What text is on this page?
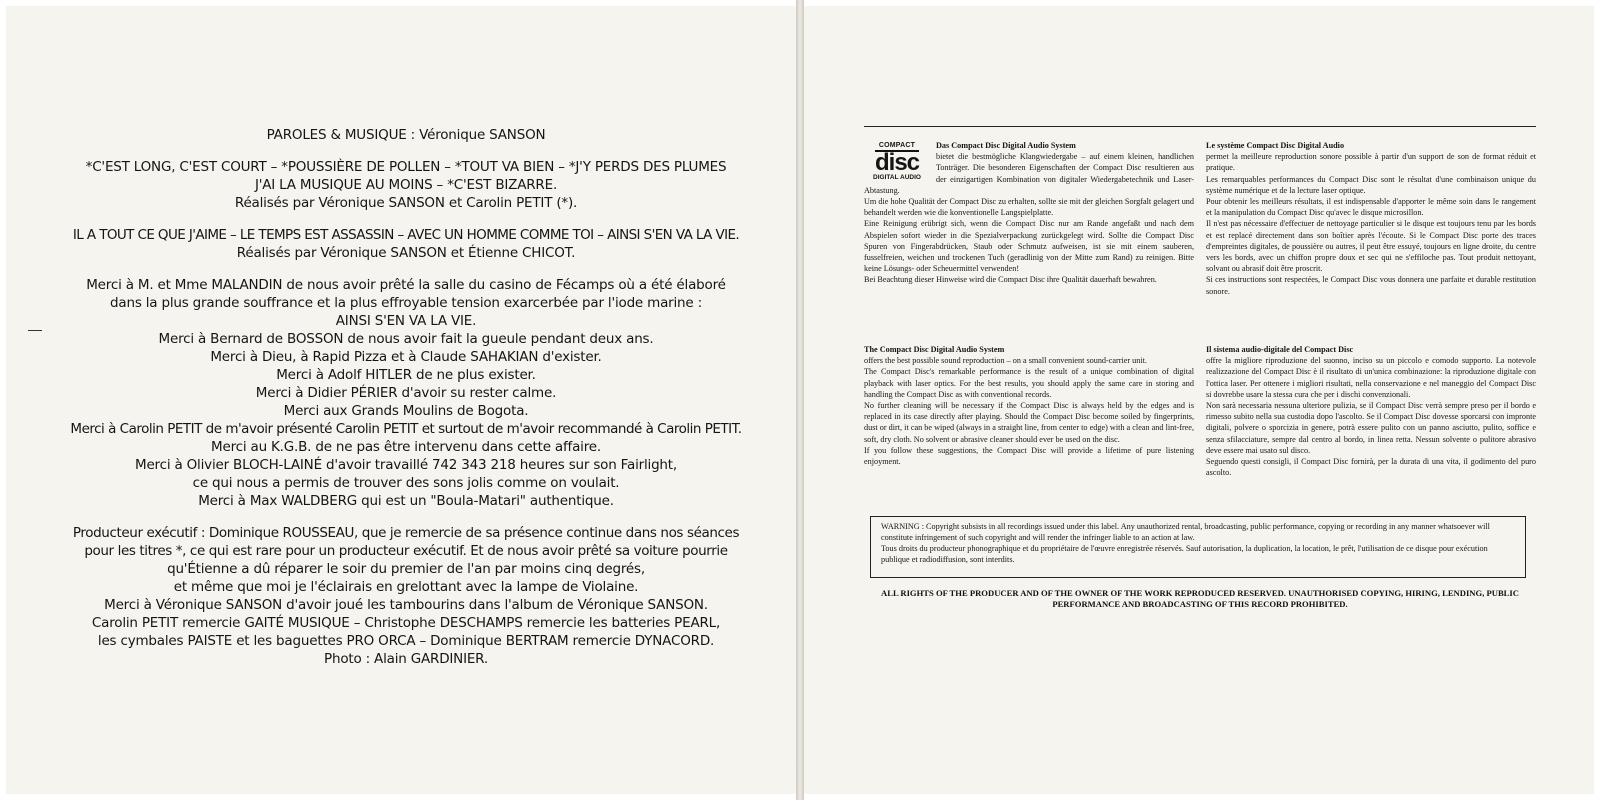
PAROLES & MUSIQUE : Véronique SANSON

*C'EST LONG, C'EST COURT – *POUSSIÈRE DE POLLEN – *TOUT VA BIEN – *J'Y PERDS DES PLUMES

J'AI LA MUSIQUE AU MOINS – *C'EST BIZARRE.

Réalisés par Véronique SANSON et Carolin PETIT (*).

IL A TOUT CE QUE J'AIME – LE TEMPS EST ASSASSIN – AVEC UN HOMME COMME TOI – AINSI S'EN VA LA VIE.

Réalisés par Véronique SANSON et Étienne CHICOT.

Merci à M. et Mme MALANDIN de nous avoir prêté la salle du casino de Fécamps où a été élaboré

dans la plus grande souffrance et la plus effroyable tension exarcerbée par l'iode marine :

AINSI S'EN VA LA VIE.

Merci à Bernard de BOSSON de nous avoir fait la gueule pendant deux ans.

Merci à Dieu, à Rapid Pizza et à Claude SAHAKIAN d'exister.

Merci à Adolf HITLER de ne plus exister.

Merci à Didier PÉRIER d'avoir su rester calme.

Merci aux Grands Moulins de Bogota.

Merci à Carolin PETIT de m'avoir présenté Carolin PETIT et surtout de m'avoir recommandé à Carolin PETIT.

Merci au K.G.B. de ne pas être intervenu dans cette affaire.

Merci à Olivier BLOCH-LAINÉ d'avoir travaillé 742 343 218 heures sur son Fairlight,

ce qui nous a permis de trouver des sons jolis comme on voulait.

Merci à Max WALDBERG qui est un "Boula-Matari" authentique.

Producteur exécutif : Dominique ROUSSEAU, que je remercie de sa présence continue dans nos séances

pour les titres *, ce qui est rare pour un producteur exécutif. Et de nous avoir prêté sa voiture pourrie

qu'Étienne a dû réparer le soir du premier de l'an par moins cinq degrés,

et même que moi je l'éclairais en grelottant avec la lampe de Violaine.

Merci à Véronique SANSON d'avoir joué les tambourins dans l'album de Véronique SANSON.

Carolin PETIT remercie GAITÉ MUSIQUE – Christophe DESCHAMPS remercie les batteries PEARL,

les cymbales PAISTE et les baguettes PRO ORCA – Dominique BERTRAM remercie DYNACORD.

Photo : Alain GARDINIER.

COMPACT
disc
DIGITAL AUDIO

Das Compact Disc Digital Audio System

bietet die bestmögliche Klangwiedergabe – auf einem kleinen, handlichen Tonträger. Die besonderen Eigenschaften der Compact Disc resultieren aus der einzigartigen Kombination von digitaler Wiedergabetechnik und Laser-Abtastung.

Um die hohe Qualität der Compact Disc zu erhalten, sollte sie mit der gleichen Sorgfalt gelagert und behandelt werden wie die konventionelle Langspielplatte.

Eine Reinigung erübrigt sich, wenn die Compact Disc nur am Rande angefaßt und nach dem Abspielen sofort wieder in die Spezialverpackung zurückgelegt wird. Sollte die Compact Disc Spuren von Fingerabdrücken, Staub oder Schmutz aufweisen, ist sie mit einem sauberen, fusselfreien, weichen und trockenen Tuch (geradlinig von der Mitte zum Rand) zu reinigen. Bitte keine Lösungs- oder Scheuermittel verwenden!

Bei Beachtung dieser Hinweise wird die Compact Disc ihre Qualität dauerhaft bewahren.

Le système Compact Disc Digital Audio

permet la meilleure reproduction sonore possible à partir d'un support de son de format réduit et pratique.

Les remarquables performances du Compact Disc sont le résultat d'une combinaison unique du système numérique et de la lecture laser optique.

Pour obtenir les meilleurs résultats, il est indispensable d'apporter le même soin dans le rangement et la manipulation du Compact Disc qu'avec le disque microsillon.

Il n'est pas nécessaire d'effectuer de nettoyage particulier si le disque est toujours tenu par les bords et est replacé directement dans son boîtier après l'écoute. Si le Compact Disc porte des traces d'empreintes digitales, de poussière ou autres, il peut être essuyé, toujours en ligne droite, du centre vers les bords, avec un chiffon propre doux et sec qui ne s'effiloche pas. Tout produit nettoyant, solvant ou abrasif doit être proscrit.

Si ces instructions sont respectées, le Compact Disc vous donnera une parfaite et durable restitution sonore.

The Compact Disc Digital Audio System

offers the best possible sound reproduction – on a small convenient sound-carrier unit.

The Compact Disc's remarkable performance is the result of a unique combination of digital playback with laser optics. For the best results, you should apply the same care in storing and handling the Compact Disc as with conventional records.

No further cleaning will be necessary if the Compact Disc is always held by the edges and is replaced in its case directly after playing. Should the Compact Disc become soiled by fingerprints, dust or dirt, it can be wiped (always in a straight line, from center to edge) with a clean and lint-free, soft, dry cloth. No solvent or abrasive cleaner should ever be used on the disc.

If you follow these suggestions, the Compact Disc will provide a lifetime of pure listening enjoyment.

Il sistema audio-digitale del Compact Disc

offre la migliore riproduzione del suonno, inciso su un piccolo e comodo supporto. La notevole realizzazione del Compact Disc è il risultato di un'unica combinazione: la riproduzione digitale con l'ottica laser. Per ottenere i migliori risultati, nella conservazione e nel maneggio del Compact Disc si dovrebbe usare la stessa cura che per i dischi convenzionali.

Non sarà necessaria nessuna ulteriore pulizia, se il Compact Disc verrà sempre preso per il bordo e rimesso subito nella sua custodia dopo l'ascolto. Se il Compact Disc dovesse sporcarsi con impronte digitali, polvere o sporcizia in genere, potrà essere pulito con un panno asciutto, pulito, soffice e senza sfilacciature, sempre dal centro al bordo, in linea retta. Nessun solvente o pulitore abrasivo deve essere mai usato sul disco.

Seguendo questi consigli, il Compact Disc fornirà, per la durata di una vita, il godimento del puro ascolto.

WARNING : Copyright subsists in all recordings issued under this label. Any unauthorized rental, broadcasting, public performance, copying or recording in any manner whatsoever will constitute infringement of such copyright and will render the infringer liable to an action at law.

Tous droits du producteur phonographique et du propriétaire de l'œuvre enregistrée réservés. Sauf autorisation, la duplication, la location, le prêt, l'utilisation de ce disque pour exécution publique et radiodiffusion, sont interdits.

ALL RIGHTS OF THE PRODUCER AND OF THE OWNER OF THE WORK REPRODUCED RESERVED. UNAUTHORISED COPYING, HIRING, LENDING, PUBLIC PERFORMANCE AND BROADCASTING OF THIS RECORD PROHIBITED.
